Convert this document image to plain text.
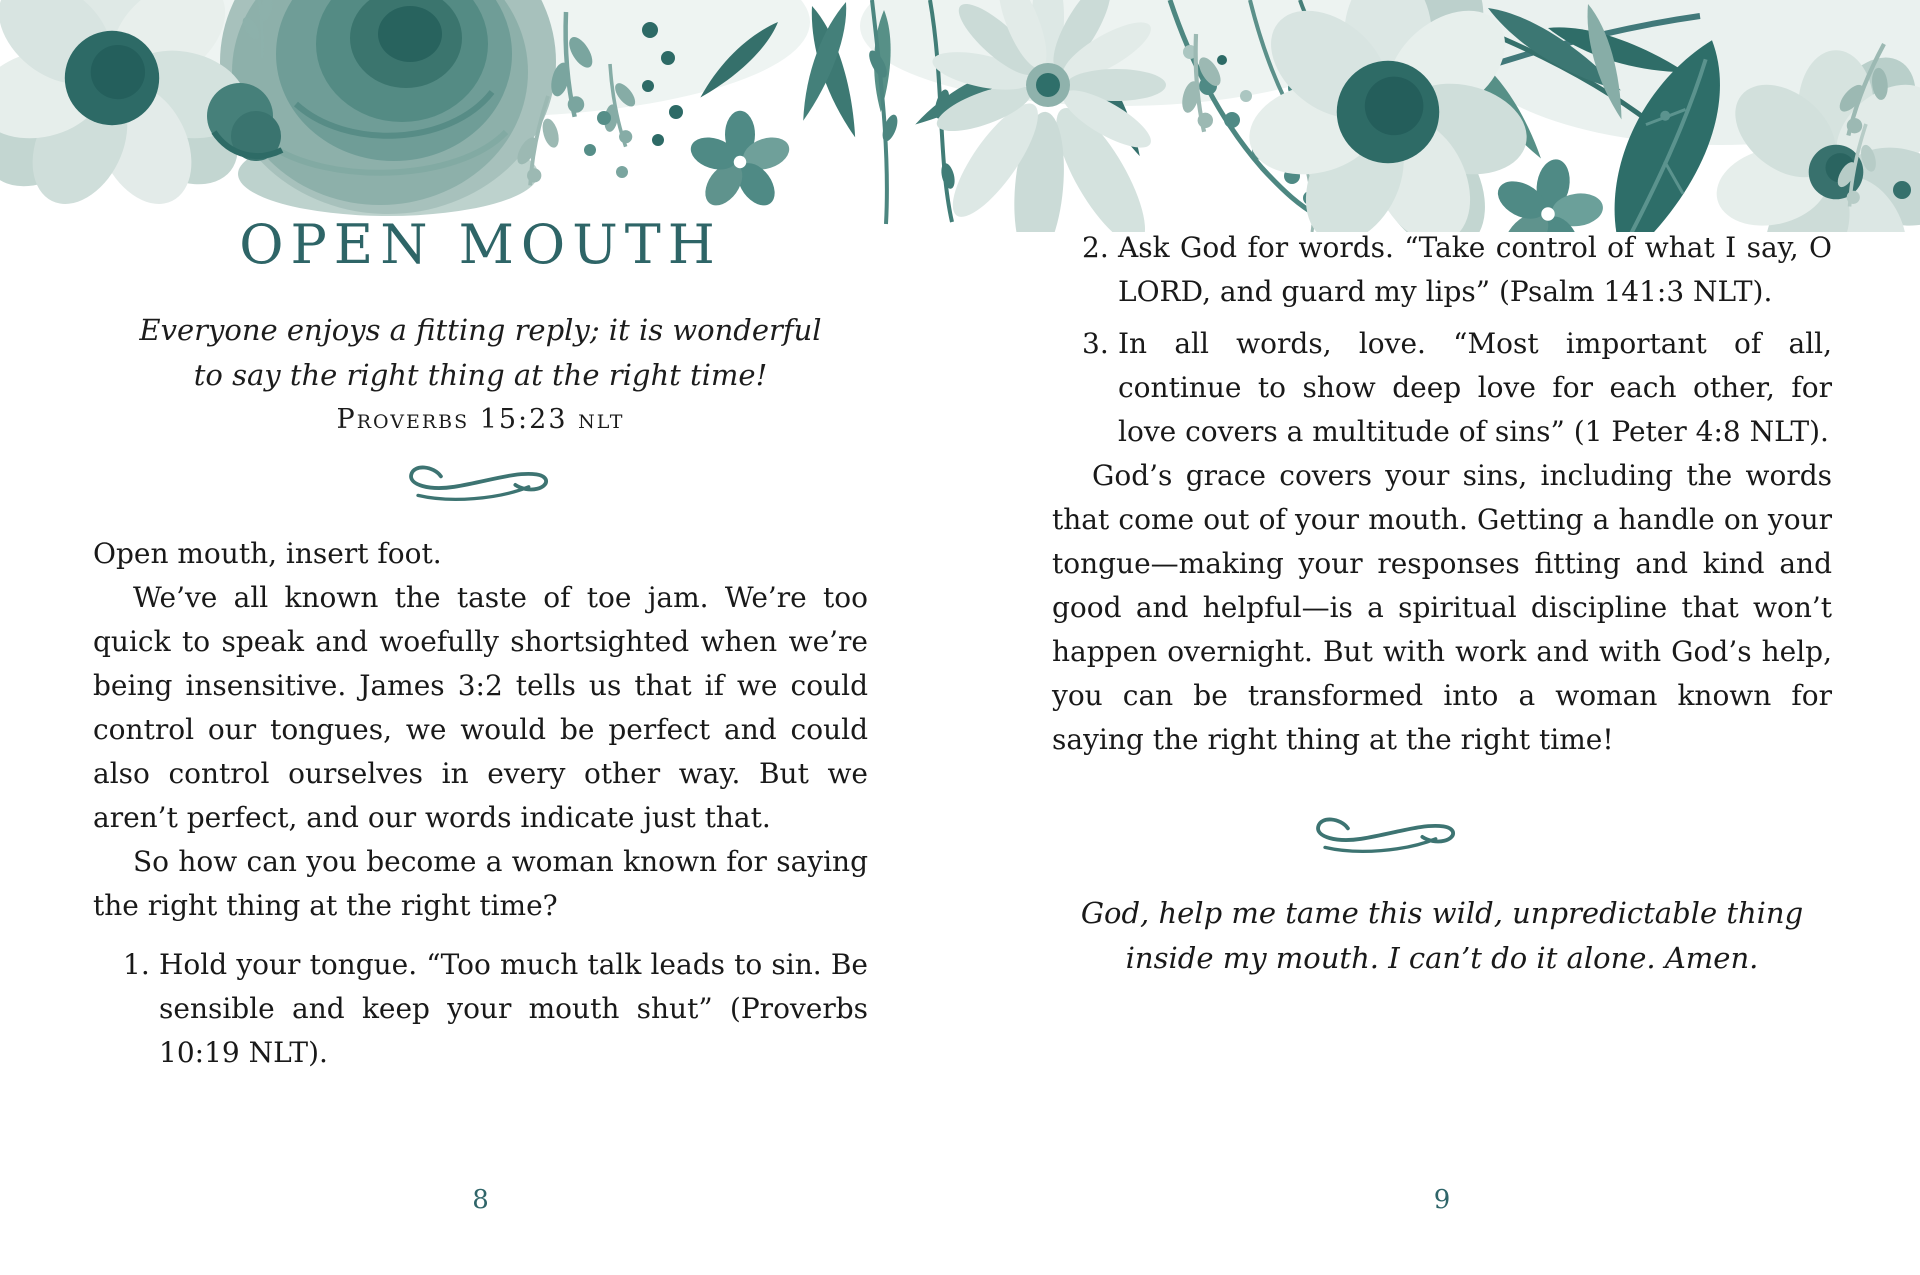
OPEN MOUTH
Everyone enjoys a fitting reply; it is wonderful
to say the right thing at the right time!
Proverbs 15:23 nlt

Open mouth, insert foot.

We’ve all known the taste of toe jam. We’re too quick to speak and woefully shortsighted when we’re being insensitive. James 3:2 tells us that if we could control our tongues, we would be perfect and could also control ourselves in every other way. But we aren’t perfect, and our words indicate just that.

So how can you become a woman known for saying the right thing at the right time?

1. Hold your tongue. “Too much talk leads to sin. Be sensible and keep your mouth shut” (Proverbs 10:19 NLT).
8
2. Ask God for words. “Take control of what I say, O LORD, and guard my lips” (Psalm 141:3 NLT).
3. In all words, love. “Most important of all, continue to show deep love for each other, for love covers a multitude of sins” (1 Peter 4:8 NLT).

God’s grace covers your sins, including the words that come out of your mouth. Getting a handle on your tongue—making your responses fitting and kind and good and helpful—is a spiritual discipline that won’t happen overnight. But with work and with God’s help, you can be transformed into a woman known for saying the right thing at the right time!

God, help me tame this wild, unpredictable thing
inside my mouth. I can’t do it alone. Amen.
9
